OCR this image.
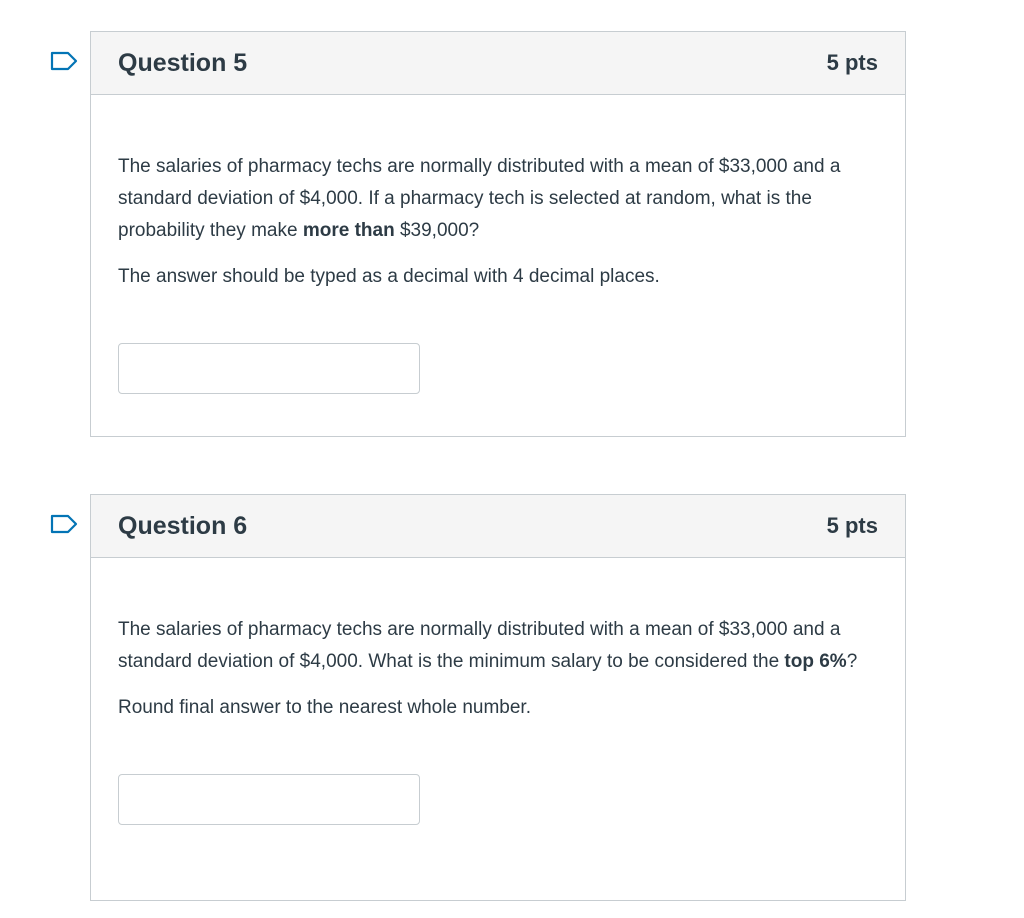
Question 5	5 pts

The salaries of pharmacy techs are normally distributed with a mean of $33,000 and a standard deviation of $4,000. If a pharmacy tech is selected at random, what is the probability they make more than $39,000?

The answer should be typed as a decimal with 4 decimal places.

Question 6	5 pts

The salaries of pharmacy techs are normally distributed with a mean of $33,000 and a standard deviation of $4,000. What is the minimum salary to be considered the top 6%?

Round final answer to the nearest whole number.
